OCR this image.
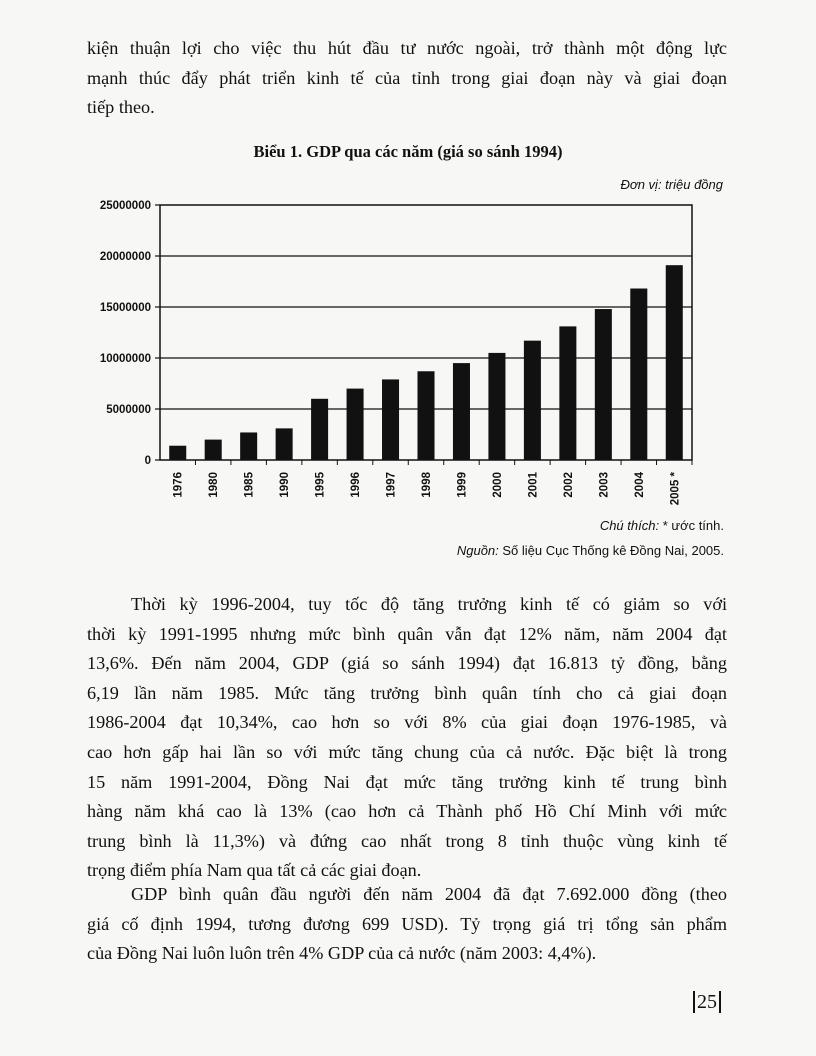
kiện thuận lợi cho việc thu hút đầu tư nước ngoài, trở thành một động lực
mạnh thúc đẩy phát triển kinh tế của tỉnh trong giai đoạn này và giai đoạn
tiếp theo.
Biểu 1. GDP qua các năm (giá so sánh 1994)
Đơn vị: triệu đồng
0
5000000
10000000
15000000
20000000
25000000
1976 1980 1985 1990 1995 1996 1997 1998 1999 2000 2001 2002 2003 2004 2005 *
Chú thích: * ước tính.
Nguồn: Số liệu Cục Thống kê Đồng Nai, 2005.
Thời kỳ 1996-2004, tuy tốc độ tăng trưởng kinh tế có giảm so với
thời kỳ 1991-1995 nhưng mức bình quân vẫn đạt 12% năm, năm 2004 đạt
13,6%. Đến năm 2004, GDP (giá so sánh 1994) đạt 16.813 tỷ đồng, bằng
6,19 lần năm 1985. Mức tăng trưởng bình quân tính cho cả giai đoạn
1986-2004 đạt 10,34%, cao hơn so với 8% của giai đoạn 1976-1985, và
cao hơn gấp hai lần so với mức tăng chung của cả nước. Đặc biệt là trong
15 năm 1991-2004, Đồng Nai đạt mức tăng trưởng kinh tế trung bình
hàng năm khá cao là 13% (cao hơn cả Thành phố Hồ Chí Minh với mức
trung bình là 11,3%) và đứng cao nhất trong 8 tỉnh thuộc vùng kinh tế
trọng điểm phía Nam qua tất cả các giai đoạn.
GDP bình quân đầu người đến năm 2004 đã đạt 7.692.000 đồng (theo
giá cố định 1994, tương đương 699 USD). Tỷ trọng giá trị tổng sản phẩm
của Đồng Nai luôn luôn trên 4% GDP của cả nước (năm 2003: 4,4%).
25
